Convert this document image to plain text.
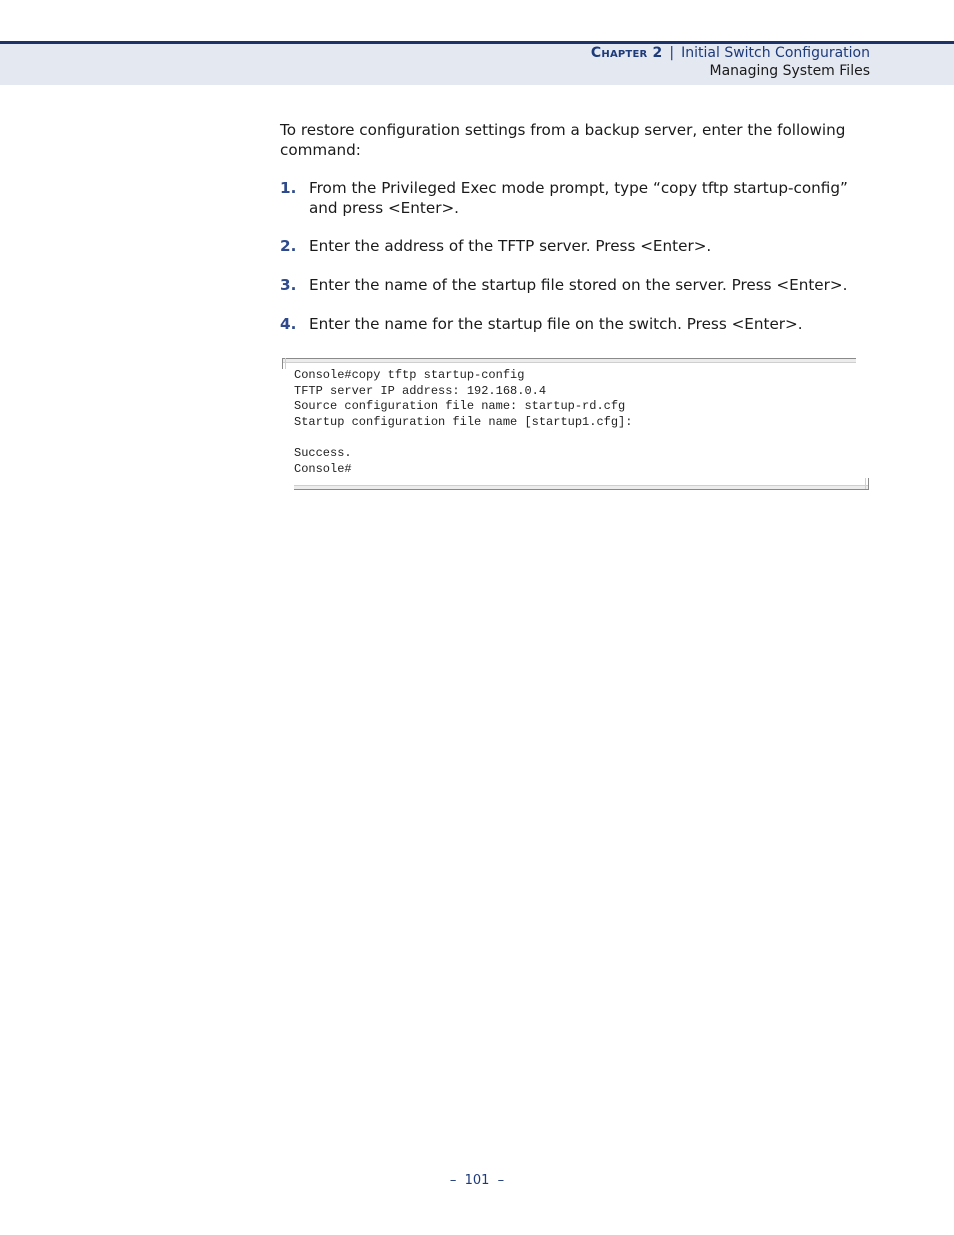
Chapter 2 | Initial Switch Configuration
Managing System Files

To restore configuration settings from a backup server, enter the following command:

1. From the Privileged Exec mode prompt, type “copy tftp startup-config” and press <Enter>.
2. Enter the address of the TFTP server. Press <Enter>.
3. Enter the name of the startup file stored on the server. Press <Enter>.
4. Enter the name for the startup file on the switch. Press <Enter>.
Console#copy tftp startup-config
TFTP server IP address: 192.168.0.4
Source configuration file name: startup-rd.cfg
Startup configuration file name [startup1.cfg]:

Success.
Console#
–  101  –
